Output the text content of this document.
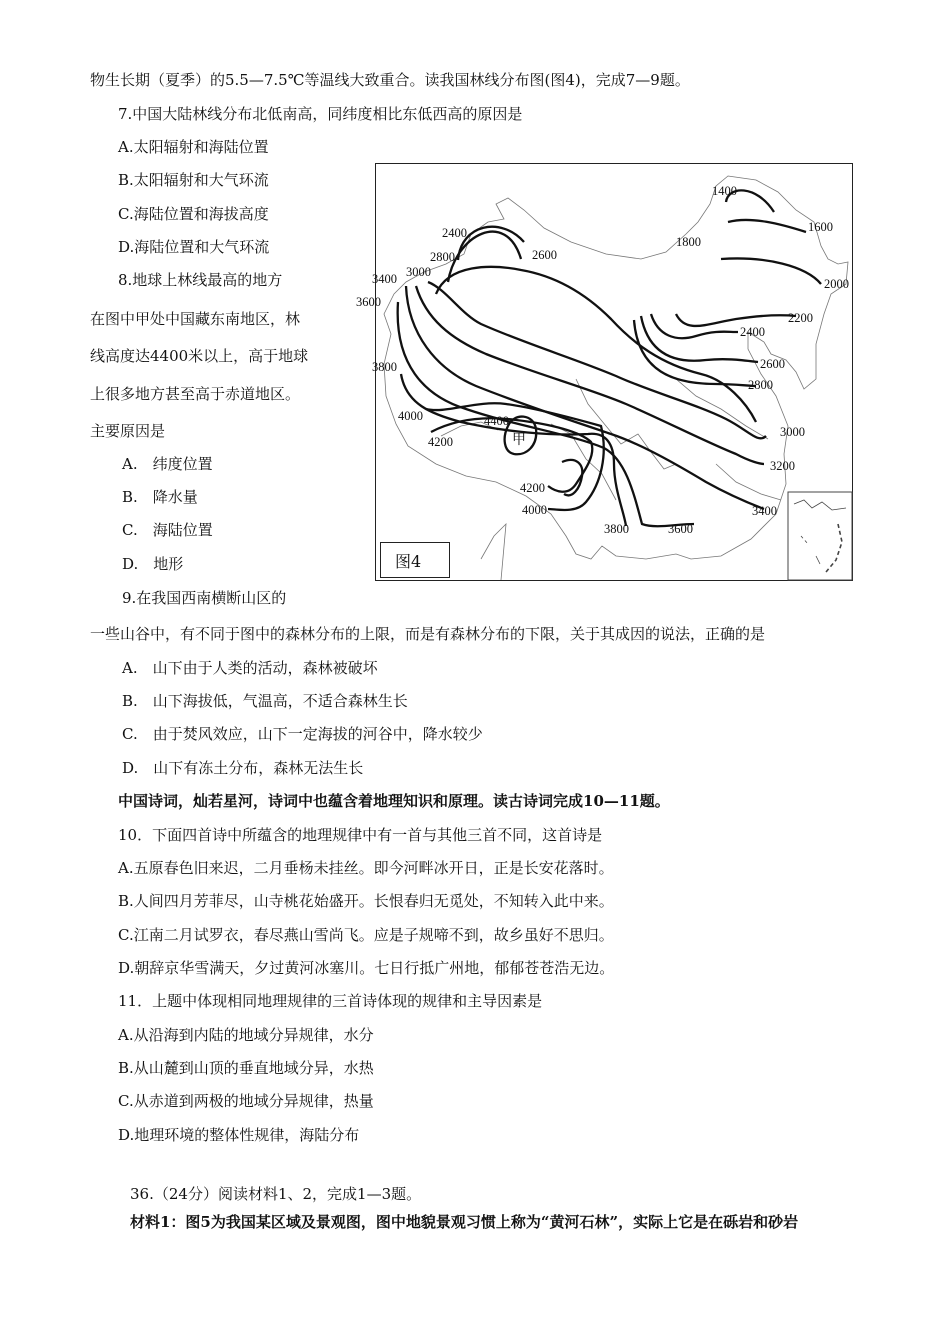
物生长期（夏季）的5.5—7.5℃等温线大致重合。读我国林线分布图(图4)，完成7—9题。
7.中国大陆林线分布北低南高，同纬度相比东低西高的原因是
A.太阳辐射和海陆位置
B.太阳辐射和大气环流
C.海陆位置和海拔高度
D.海陆位置和大气环流
8.地球上林线最高的地方
在图中甲处中国藏东南地区，林
线高度达4400米以上，高于地球
上很多地方甚至高于赤道地区。
主要原因是
A.　纬度位置
B.　降水量
C.　海陆位置
D.　地形
9.在我国西南横断山区的
一些山谷中，有不同于图中的森林分布的上限，而是有森林分布的下限，关于其成因的说法，正确的是
A.　山下由于人类的活动，森林被破坏
B.　山下海拔低，气温高，不适合森林生长
C.　由于焚风效应，山下一定海拔的河谷中，降水较少
D.　山下有冻土分布，森林无法生长
中国诗词，灿若星河，诗词中也蕴含着地理知识和原理。读古诗词完成10—11题。
10．下面四首诗中所蕴含的地理规律中有一首与其他三首不同，这首诗是
A.五原春色旧来迟，二月垂杨未挂丝。即今河畔冰开日，正是长安花落时。
B.人间四月芳菲尽，山寺桃花始盛开。长恨春归无觅处，不知转入此中来。
C.江南二月试罗衣，春尽燕山雪尚飞。应是子规啼不到，故乡虽好不思归。
D.朝辞京华雪满天，夕过黄河冰塞川。七日行抵广州地，郁郁苍苍浩无边。
11．上题中体现相同地理规律的三首诗体现的规律和主导因素是
A.从沿海到内陆的地域分异规律，水分
B.从山麓到山顶的垂直地域分异，水热
C.从赤道到两极的地域分异规律，热量
D.地理环境的整体性规律，海陆分布
36.（24分）阅读材料1、2，完成1—3题。
材料1：图5为我国某区域及景观图，图中地貌景观习惯上称为“黄河石林”，实际上它是在砾岩和砂岩
1400
1600
1800
2000
2200
2400
2400
2600
2600
2800
2800
3000
3000
3200
3400
3400
3600
3600
3800
3800
4000
4000
4200
4200
4400
甲
图4
